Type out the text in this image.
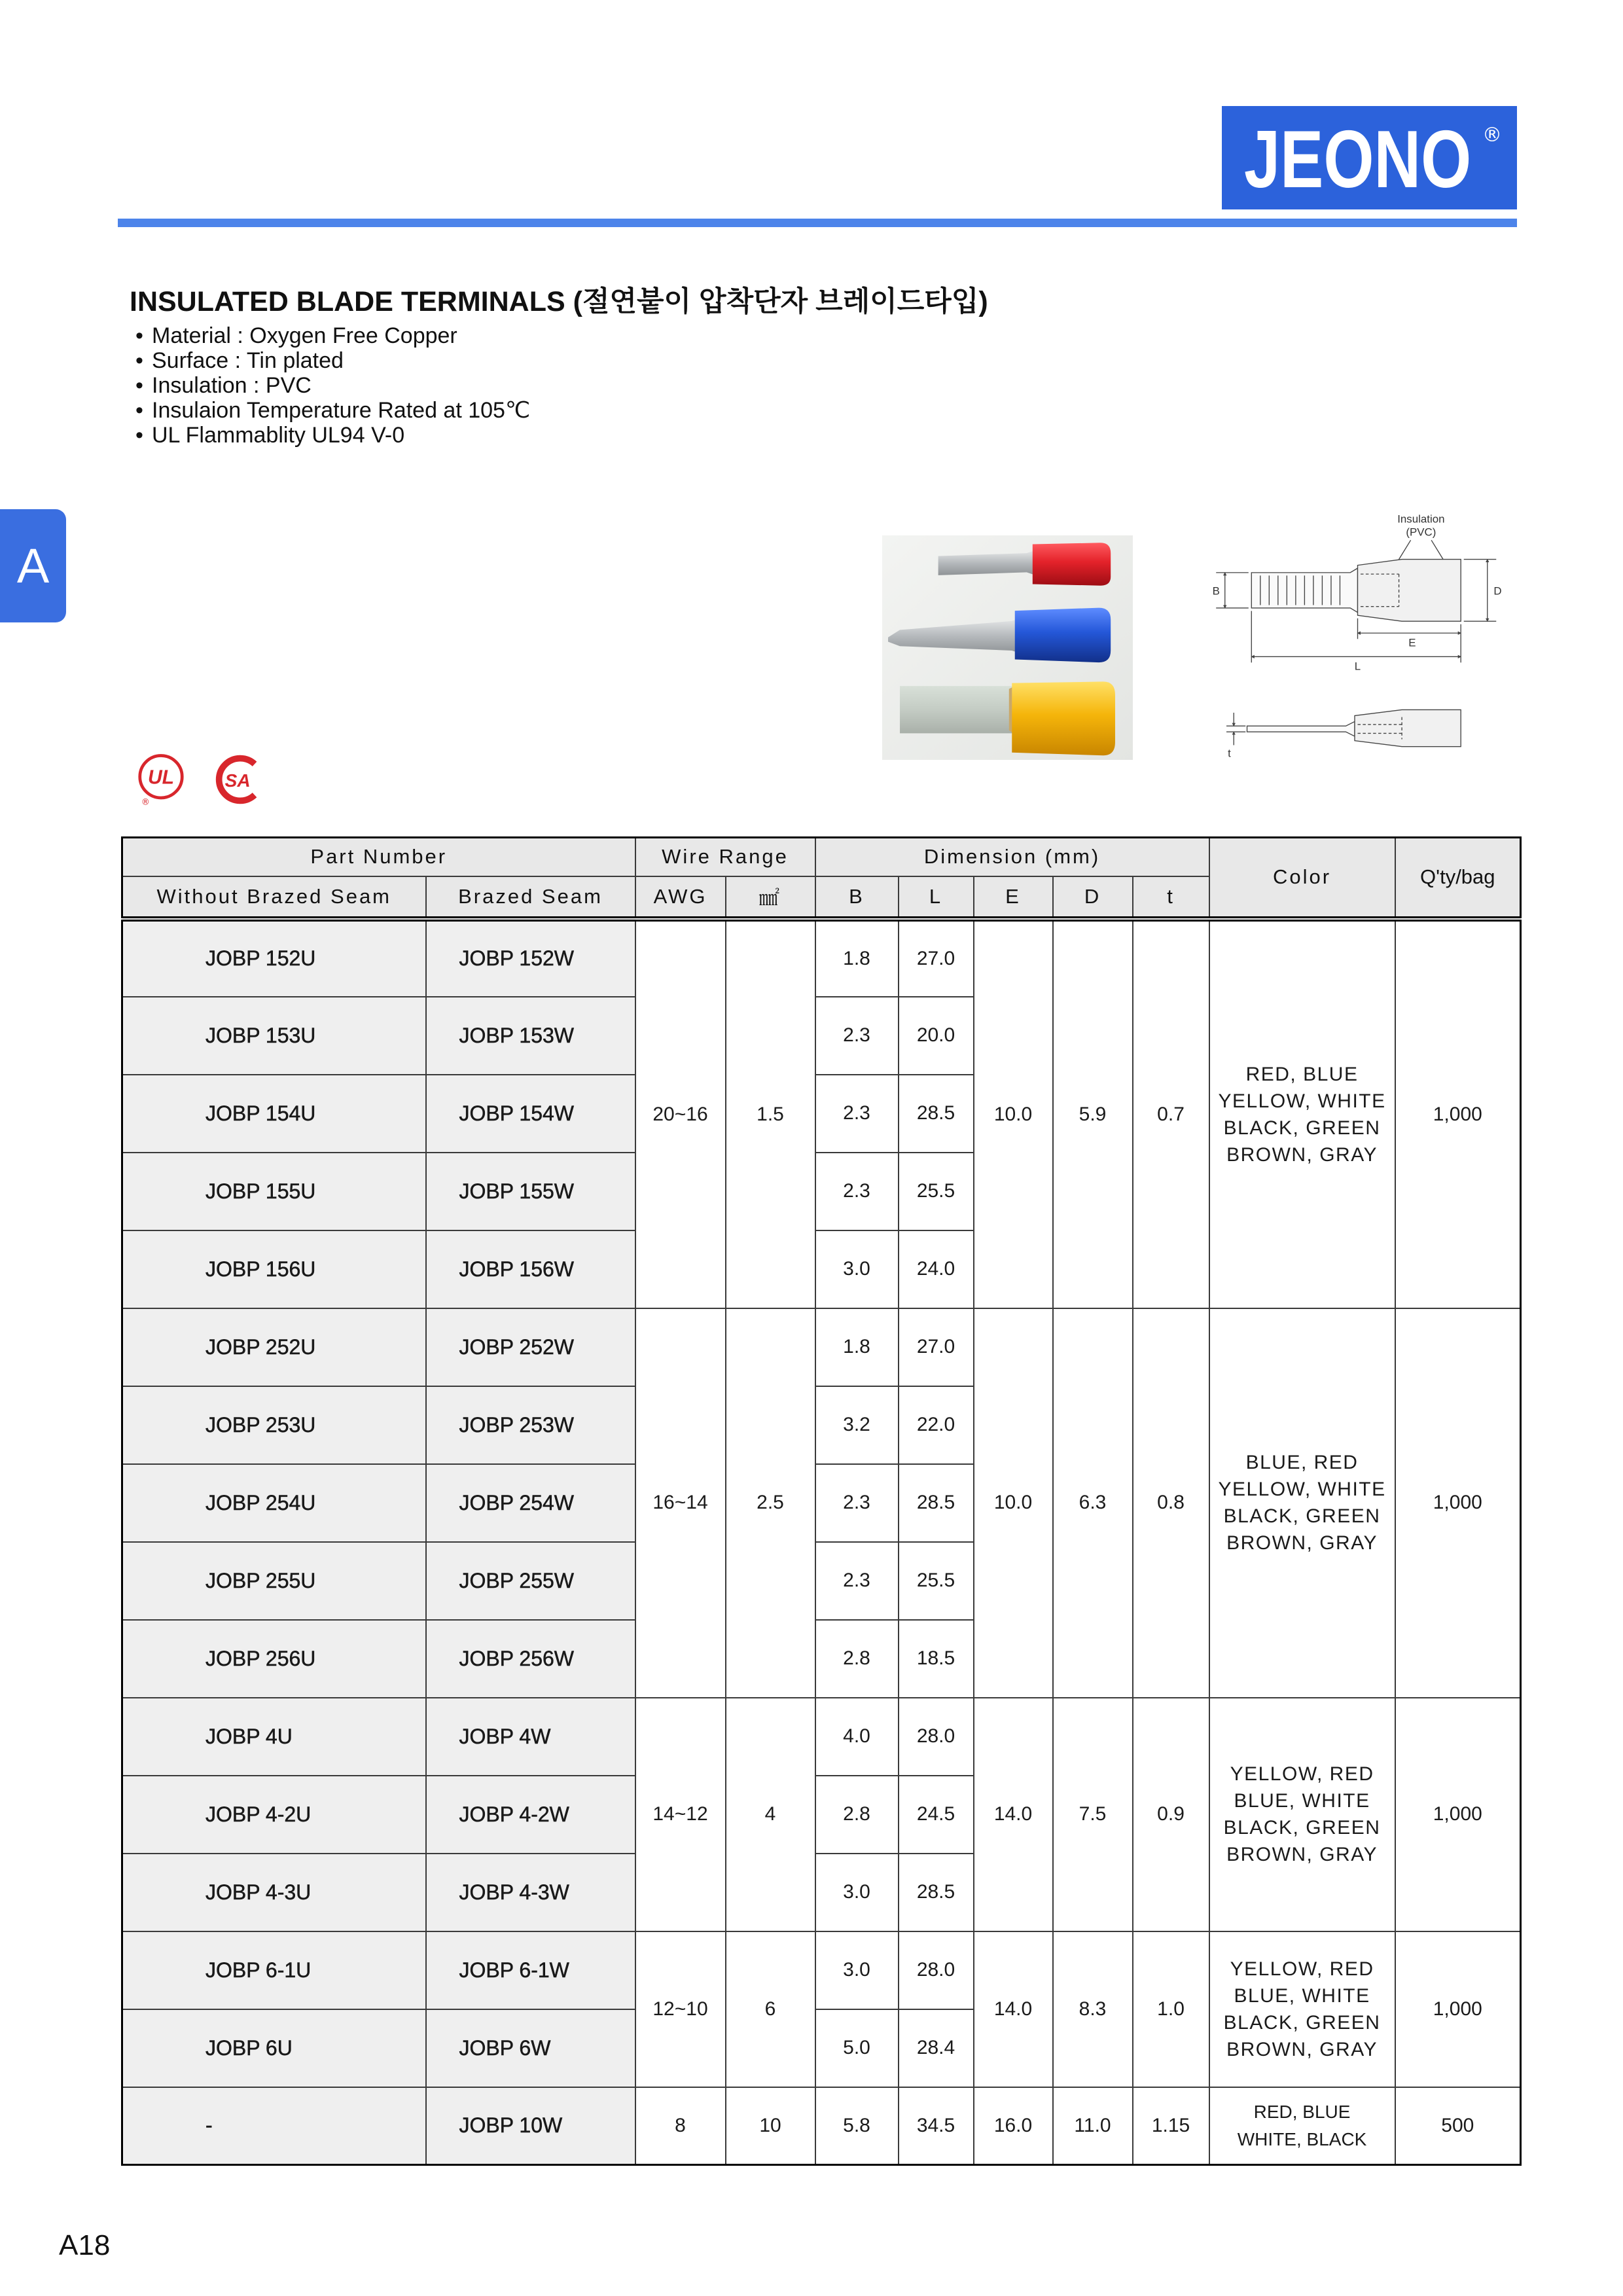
JEONO ®
A
INSULATED BLADE TERMINALS (절연붙이 압착단자 브레이드타입)
• Material : Oxygen Free Copper
• Surface : Tin plated
• Insulation : PVC
• Insulaion Temperature Rated at 105℃
• UL Flammablity UL94 V-0
Insulation
(PVC)
B	D
E
L
t
UL
®
SA
Part Number		Wire Range		Dimension (mm)					Color	Q'ty/bag
Without Brazed Seam	Brazed Seam	AWG	㎟	B	L	E	D	t		
JOBP 152U	JOBP 152W	20~16	1.5	1.8	27.0	10.0	5.9	0.7	RED, BLUE
YELLOW, WHITE
BLACK, GREEN
BROWN, GRAY	1,000
JOBP 153U	JOBP 153W			2.3	20.0					
JOBP 154U	JOBP 154W			2.3	28.5					
JOBP 155U	JOBP 155W			2.3	25.5					
JOBP 156U	JOBP 156W			3.0	24.0					
JOBP 252U	JOBP 252W	16~14	2.5	1.8	27.0	10.0	6.3	0.8	BLUE, RED
YELLOW, WHITE
BLACK, GREEN
BROWN, GRAY	1,000
JOBP 253U	JOBP 253W			3.2	22.0					
JOBP 254U	JOBP 254W			2.3	28.5					
JOBP 255U	JOBP 255W			2.3	25.5					
JOBP 256U	JOBP 256W			2.8	18.5					
JOBP 4U	JOBP 4W	14~12	4	4.0	28.0	14.0	7.5	0.9	YELLOW, RED
BLUE, WHITE
BLACK, GREEN
BROWN, GRAY	1,000
JOBP 4-2U	JOBP 4-2W			2.8	24.5					
JOBP 4-3U	JOBP 4-3W			3.0	28.5					
JOBP 6-1U	JOBP 6-1W	12~10	6	3.0	28.0	14.0	8.3	1.0	YELLOW, RED
BLUE, WHITE
BLACK, GREEN
BROWN, GRAY	1,000
JOBP 6U	JOBP 6W			5.0	28.4					
-	JOBP 10W	8	10	5.8	34.5	16.0	11.0	1.15	RED, BLUE
WHITE, BLACK	500
A18
